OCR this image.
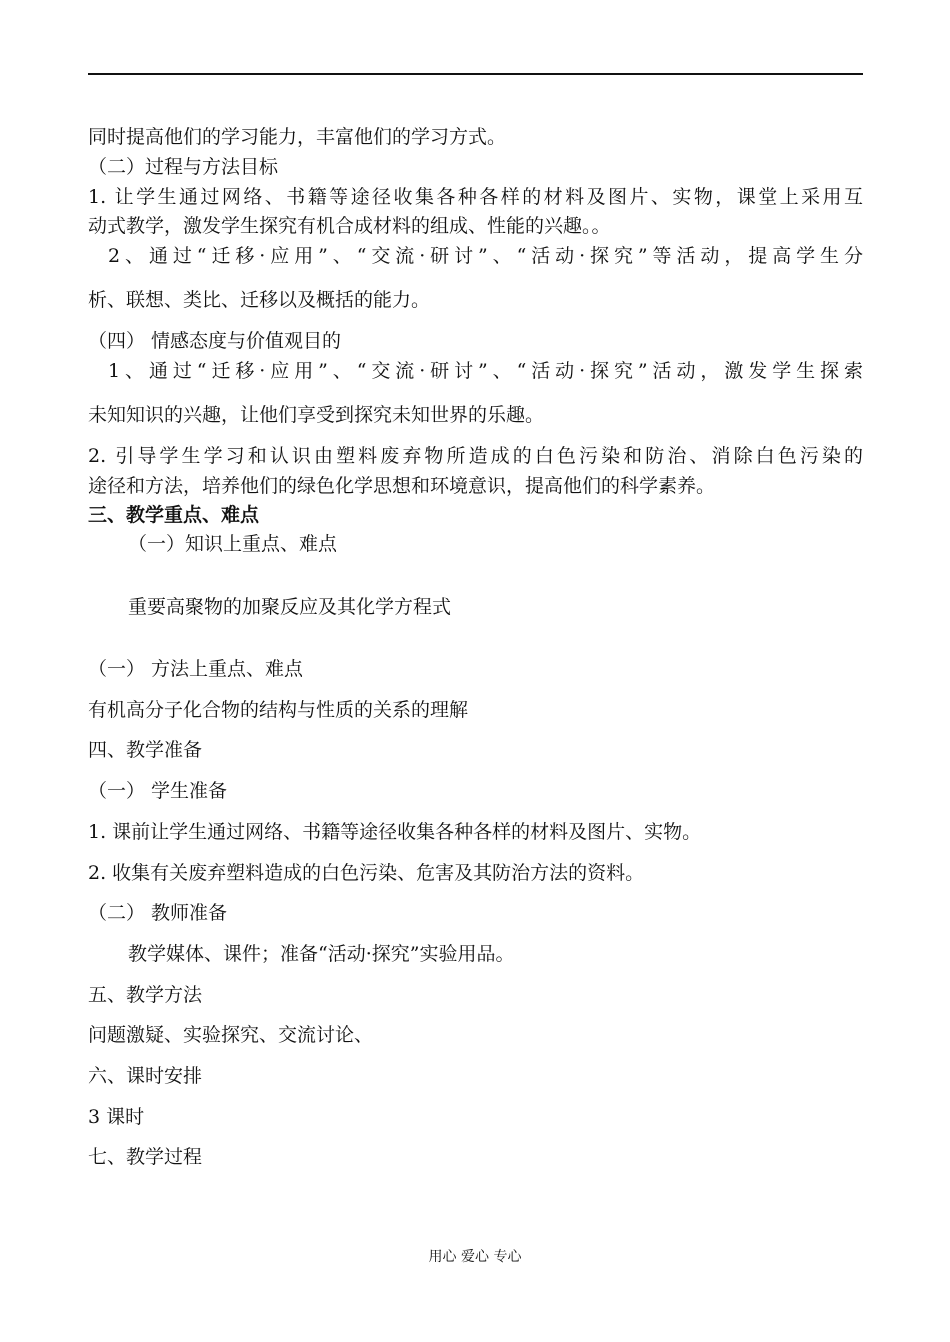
同时提高他们的学习能力，丰富他们的学习方式。
（二）过程与方法目标
1. 让学生通过网络、书籍等途径收集各种各样的材料及图片、实物，课堂上采用互
动式教学，激发学生探究有机合成材料的组成、性能的兴趣。。
2、通过“迁移·应用”、“交流·研讨”、“活动·探究”等活动，提高学生分
析、联想、类比、迁移以及概括的能力。
（四） 情感态度与价值观目的
1、通过“迁移·应用”、“交流·研讨”、“活动·探究”活动，激发学生探索
未知知识的兴趣，让他们享受到探究未知世界的乐趣。
2. 引导学生学习和认识由塑料废弃物所造成的白色污染和防治、消除白色污染的
途径和方法，培养他们的绿色化学思想和环境意识，提高他们的科学素养。
三、教学重点、难点
（一）知识上重点、难点
重要高聚物的加聚反应及其化学方程式
（一） 方法上重点、难点
有机高分子化合物的结构与性质的关系的理解
四、教学准备
（一） 学生准备
1. 课前让学生通过网络、书籍等途径收集各种各样的材料及图片、实物。
2. 收集有关废弃塑料造成的白色污染、危害及其防治方法的资料。
（二） 教师准备
教学媒体、课件；准备“活动·探究”实验用品。
五、教学方法
问题激疑、实验探究、交流讨论、
六、课时安排
3 课时
七、教学过程
用心 爱心 专心
